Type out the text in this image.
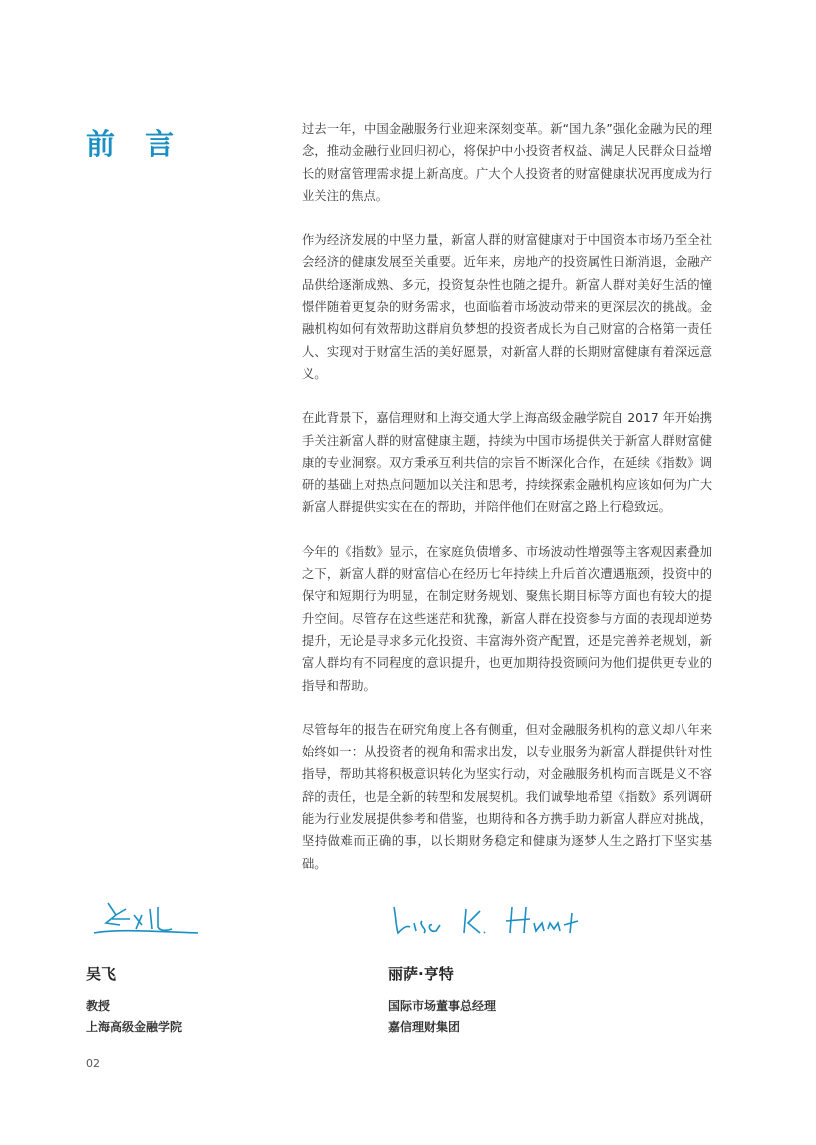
前 言	过去一年，中国金融服务行业迎来深刻变革。新“国九条”强化金融为民的理念，推动金融行业回归初心，将保护中小投资者权益、满足人民群众日益增长的财富管理需求提上新高度。广大个人投资者的财富健康状况再度成为行业关注的焦点。

作为经济发展的中坚力量，新富人群的财富健康对于中国资本市场乃至全社会经济的健康发展至关重要。近年来，房地产的投资属性日渐消退，金融产品供给逐渐成熟、多元，投资复杂性也随之提升。新富人群对美好生活的憧憬伴随着更复杂的财务需求，也面临着市场波动带来的更深层次的挑战。金融机构如何有效帮助这群肩负梦想的投资者成长为自己财富的合格第一责任人、实现对于财富生活的美好愿景，对新富人群的长期财富健康有着深远意义。

在此背景下，嘉信理财和上海交通大学上海高级金融学院自 2017 年开始携手关注新富人群的财富健康主题，持续为中国市场提供关于新富人群财富健康的专业洞察。双方秉承互利共信的宗旨不断深化合作，在延续《指数》调研的基础上对热点问题加以关注和思考，持续探索金融机构应该如何为广大新富人群提供实实在在的帮助，并陪伴他们在财富之路上行稳致远。

今年的《指数》显示，在家庭负债增多、市场波动性增强等主客观因素叠加之下，新富人群的财富信心在经历七年持续上升后首次遭遇瓶颈，投资中的保守和短期行为明显，在制定财务规划、聚焦长期目标等方面也有较大的提升空间。尽管存在这些迷茫和犹豫，新富人群在投资参与方面的表现却逆势提升，无论是寻求多元化投资、丰富海外资产配置，还是完善养老规划，新富人群均有不同程度的意识提升，也更加期待投资顾问为他们提供更专业的指导和帮助。

尽管每年的报告在研究角度上各有侧重，但对金融服务机构的意义却八年来始终如一：从投资者的视角和需求出发，以专业服务为新富人群提供针对性指导，帮助其将积极意识转化为坚实行动，对金融服务机构而言既是义不容辞的责任，也是全新的转型和发展契机。我们诚挚地希望《指数》系列调研能为行业发展提供参考和借鉴，也期待和各方携手助力新富人群应对挑战，坚持做难而正确的事，以长期财务稳定和健康为逐梦人生之路打下坚实基础。

吴飞
教授
上海高级金融学院
丽萨·亨特
国际市场董事总经理
嘉信理财集团
02
